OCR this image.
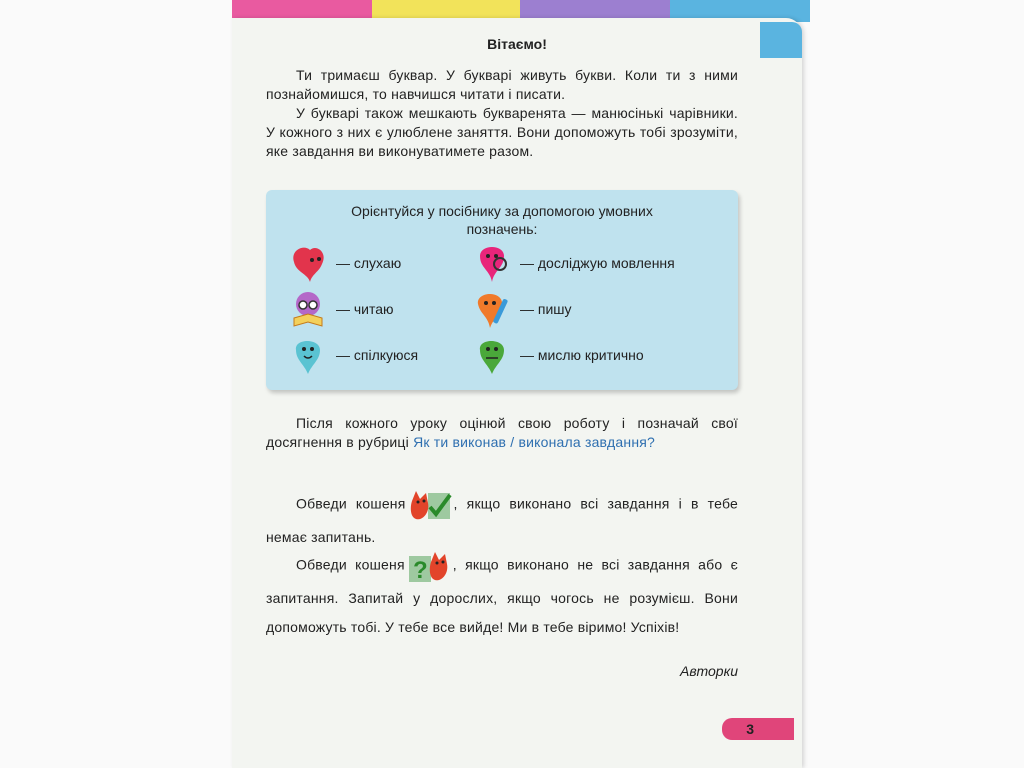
Вітаємо!
Ти тримаєш буквар. У букварі живуть букви. Коли ти з ними познайомишся, то навчишся читати і писати.
У букварі також мешкають букваренята — манюсінькі чарівники. У кожного з них є улюблене заняття. Вони допоможуть тобі зрозуміти, яке завдання ви виконуватимете разом.
Орієнтуйся у посібнику за допомогою умовних позначень:
— слухаю	— досліджую мовлення
— читаю	— пишу
— спілкуюся	— мислю критично
Після кожного уроку оцінюй свою роботу і позначай свої досягнення в рубриці Як ти виконав / виконала завдання?
Обведи кошеня	, якщо виконано всі завдання і в тебе немає запитань.
Обведи кошеня ? , якщо виконано не всі завдання або є запитання. Запитай у дорослих, якщо чогось не розумієш. Вони допоможуть тобі. У тебе все вийде! Ми в тебе віримо! Успіхів!
Авторки
3
